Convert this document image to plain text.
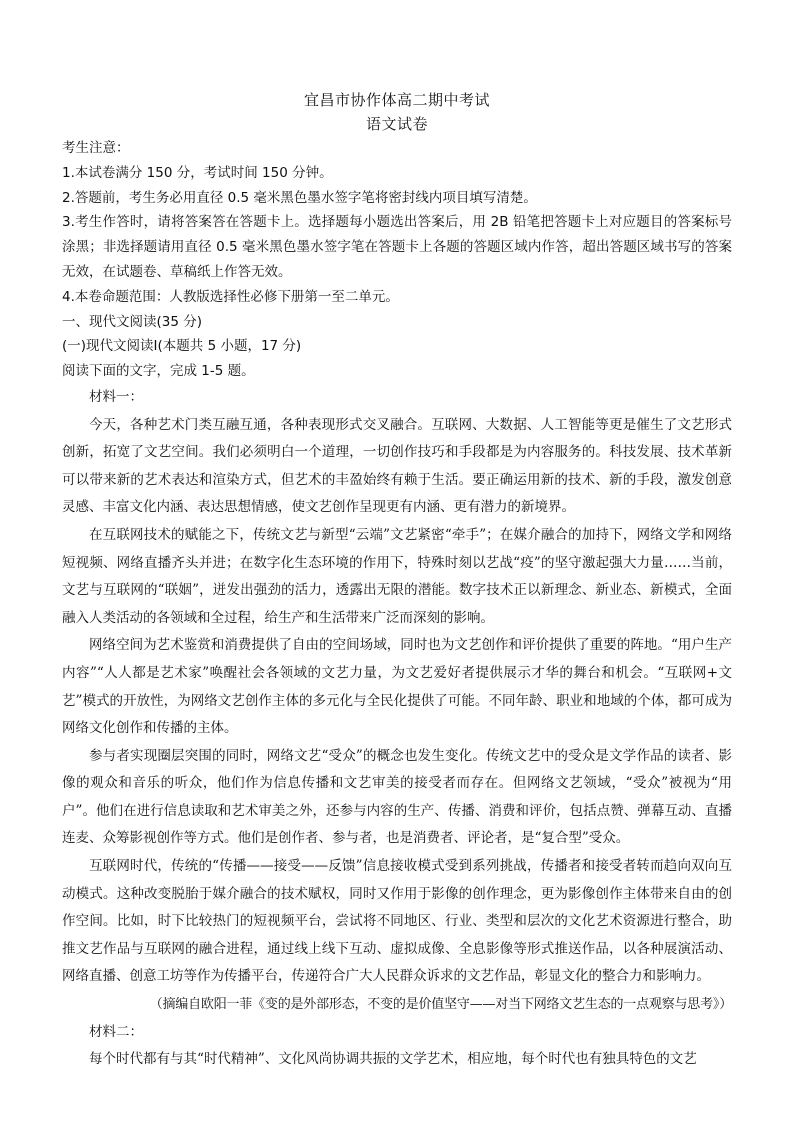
宜昌市协作体高二期中考试

语文试卷

考生注意：

1.本试卷满分 150 分，考试时间 150 分钟。

2.答题前，考生务必用直径 0.5 毫米黑色墨水签字笔将密封线内项目填写清楚。

3.考生作答时，请将答案答在答题卡上。选择题每小题选出答案后，用 2B 铅笔把答题卡上对应题目的答案标号涂黑；非选择题请用直径 0.5 毫米黑色墨水签字笔在答题卡上各题的答题区域内作答，超出答题区域书写的答案无效，在试题卷、草稿纸上作答无效。

4.本卷命题范围：人教版选择性必修下册第一至二单元。

一、现代文阅读(35 分)

(一)现代文阅读Ⅰ(本题共 5 小题，17 分)

阅读下面的文字，完成 1-5 题。

材料一：

今天，各种艺术门类互融互通，各种表现形式交叉融合。互联网、大数据、人工智能等更是催生了文艺形式创新，拓宽了文艺空间。我们必须明白一个道理，一切创作技巧和手段都是为内容服务的。科技发展、技术革新可以带来新的艺术表达和渲染方式，但艺术的丰盈始终有赖于生活。要正确运用新的技术、新的手段，激发创意灵感、丰富文化内涵、表达思想情感，使文艺创作呈现更有内涵、更有潜力的新境界。

在互联网技术的赋能之下，传统文艺与新型“云端”文艺紧密“牵手”；在媒介融合的加持下，网络文学和网络短视频、网络直播齐头并进；在数字化生态环境的作用下，特殊时刻以艺战“疫”的坚守激起强大力量……当前，文艺与互联网的“联姻”，迸发出强劲的活力，透露出无限的潜能。数字技术正以新理念、新业态、新模式，全面融入人类活动的各领域和全过程，给生产和生活带来广泛而深刻的影响。

网络空间为艺术鉴赏和消费提供了自由的空间场域，同时也为文艺创作和评价提供了重要的阵地。“用户生产内容”“人人都是艺术家”唤醒社会各领域的文艺力量，为文艺爱好者提供展示才华的舞台和机会。“互联网+文艺”模式的开放性，为网络文艺创作主体的多元化与全民化提供了可能。不同年龄、职业和地域的个体，都可成为网络文化创作和传播的主体。

参与者实现圈层突围的同时，网络文艺“受众”的概念也发生变化。传统文艺中的受众是文学作品的读者、影像的观众和音乐的听众，他们作为信息传播和文艺审美的接受者而存在。但网络文艺领域，“受众”被视为“用户”。他们在进行信息读取和艺术审美之外，还参与内容的生产、传播、消费和评价，包括点赞、弹幕互动、直播连麦、众筹影视创作等方式。他们是创作者、参与者，也是消费者、评论者，是“复合型”受众。

互联网时代，传统的“传播——接受——反馈”信息接收模式受到系列挑战，传播者和接受者转而趋向双向互动模式。这种改变脱胎于媒介融合的技术赋权，同时又作用于影像的创作理念，更为影像创作主体带来自由的创作空间。比如，时下比较热门的短视频平台，尝试将不同地区、行业、类型和层次的文化艺术资源进行整合，助推文艺作品与互联网的融合进程，通过线上线下互动、虚拟成像、全息影像等形式推送作品，以各种展演活动、网络直播、创意工坊等作为传播平台，传递符合广大人民群众诉求的文艺作品，彰显文化的整合力和影响力。

（摘编自欧阳一菲《变的是外部形态，不变的是价值坚守——对当下网络文艺生态的一点观察与思考》）

材料二：

每个时代都有与其“时代精神”、文化风尚协调共振的文学艺术，相应地，每个时代也有独具特色的文艺
